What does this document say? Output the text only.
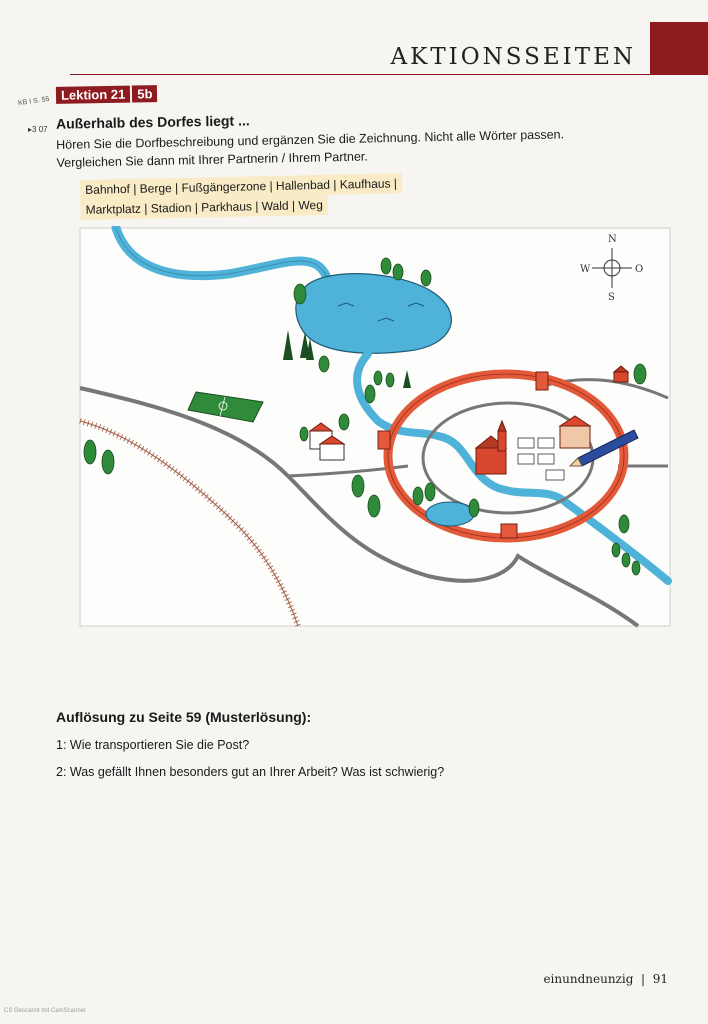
AKTIONSSEITEN
KB I S. 55 Lektion 21 5b
▸3 07 Außerhalb des Dorfes liegt ...
Hören Sie die Dorfbeschreibung und ergänzen Sie die Zeichnung. Nicht alle Wörter passen.
Vergleichen Sie dann mit Ihrer Partnerin / Ihrem Partner.
Bahnhof | Berge | Fußgängerzone | Hallenbad | Kaufhaus |
Marktplatz | Stadion | Parkhaus | Wald | Weg
N
S
W	O
Auflösung zu Seite 59 (Musterlösung):
1: Wie transportieren Sie die Post?
2: Was gefällt Ihnen besonders gut an Ihrer Arbeit? Was ist schwierig?
einundneunzig | 91
CS Gescannt mit CamScanner
